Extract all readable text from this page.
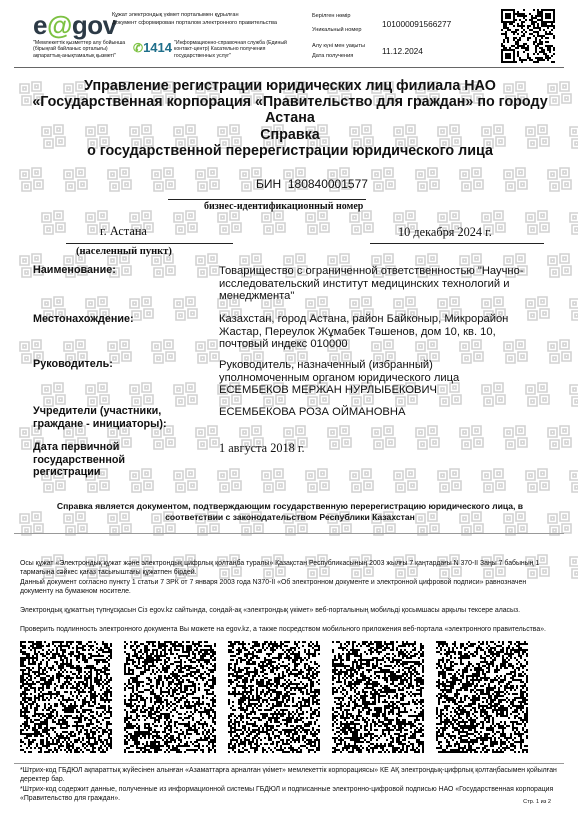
e@gov
"Мемлекеттік қызметтер алу бойынша (бірыңғай байланыс орталығы) ақпараттық-анықтамалық қызметі"
Құжат электрондық үкімет порталымен құрылған
Документ сформирован порталом электронного правительства
✆1414 "Информационно-справочная служба (Единый контакт-центр) Касательно получения государственных услуг"
Берілген нөмір
Уникальный номер
101000091566277
Алу күні мен уақыты
Дата получения	11.12.2024
Управление регистрации юридических лиц филиала НАО «Государственная корпорация «Правительство для граждан» по городу Астана
Справка
о государственной перерегистрации юридического лица
БИН 180840001577
бизнес-идентификационный номер
г. Астана
(населенный пункт)
10 декабря 2024 г.
Наименование:	Товарищество с ограниченной ответственностью "Научно-исследовательский институт медицинских технологий и менеджмента"
Местонахождение:	Казахстан, город Астана, район Байконыр, Микрорайон Жастар, Переулок Жұмабек Тәшенов, дом 10, кв. 10, почтовый индекс 010000
Руководитель:	Руководитель, назначенный (избранный) уполномоченным органом юридического лица ЕСЕМБЕКОВ МЕРЖАН НУРЛЫБЕКОВИЧ
Учредители (участники, граждане - инициаторы):
ЕСЕМБЕКОВА РОЗА ОЙМАНОВНА
Дата первичной государственной регистрации
1 августа 2018 г.
Справка является документом, подтверждающим государственную перерегистрацию юридического лица, в соответствии с законодательством Республики Казахстан
Осы құжат «Электрондық құжат және электрондық цифрлық қолтаңба туралы» Қазақстан Республикасының 2003 жылғы 7 қаңтардағы N 370-II Заңы 7 бабының 1 тармағына сәйкес қағаз тасығыштағы құжатпен бірдей.
Данный документ согласно пункту 1 статьи 7 ЗРК от 7 января 2003 года N370-II «Об электронном документе и электронной цифровой подписи» равнозначен документу на бумажном носителе.
Электрондық құжаттың түпнұсқасын Сіз egov.kz сайтында, сондай-ақ «электрондық үкімет» веб-порталының мобильді қосымшасы арқылы тексере аласыз.
Проверить подлинность электронного документа Вы можете на egov.kz, а также посредством мобильного приложения веб-портала «электронного правительства».
*Штрих-код ГБДЮЛ ақпараттық жүйесінен алынған «Азаматтарға арналған үкімет» мемлекеттік корпорациясы» КЕ АҚ электрондық-цифрлық қолтаңбасымен қойылған деректер бар.
*Штрих-код содержит данные, полученные из информационной системы ГБДЮЛ и подписанные электронно-цифровой подписью НАО «Государственная корпорация «Правительство для граждан».	Стр. 1 из 2
